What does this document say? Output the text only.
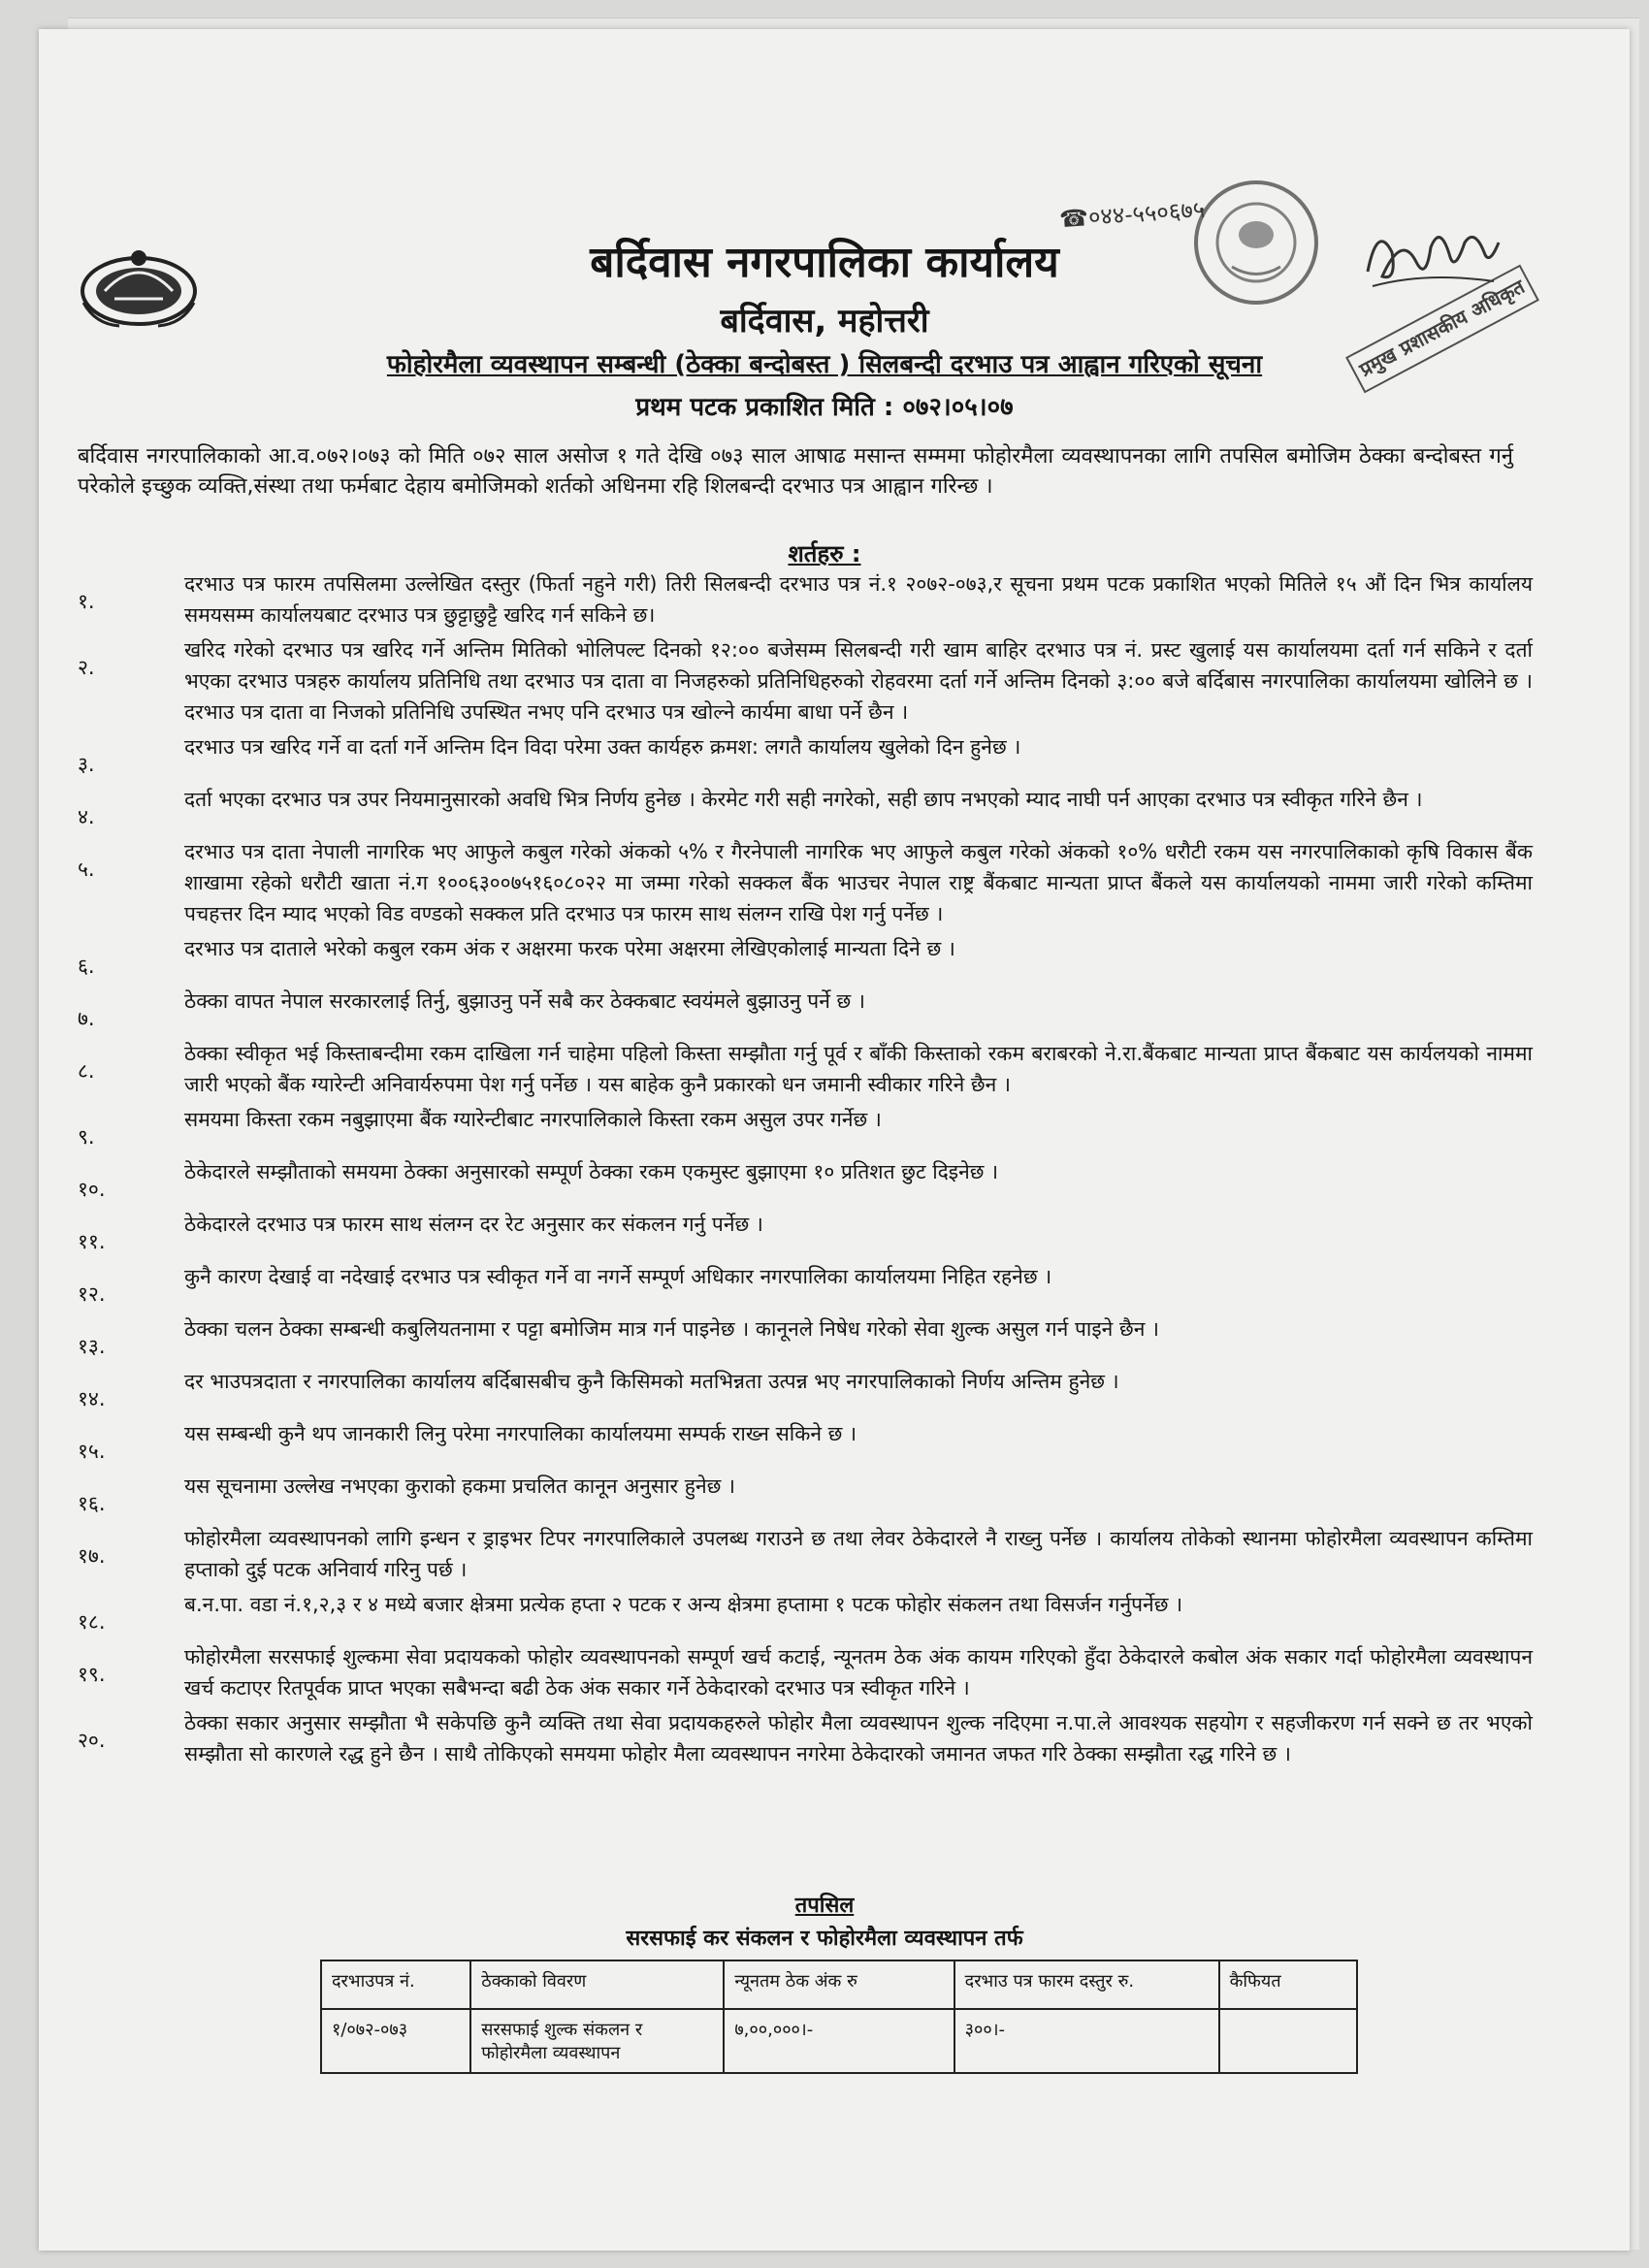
☎०४४-५५०६७५
प्रमुख प्रशासकीय अधिकृत
बर्दिवास नगरपालिका कार्यालय
बर्दिवास, महोत्तरी
फोहोरमैला व्यवस्थापन सम्बन्धी (ठेक्का बन्दोबस्त ) सिलबन्दी दरभाउ पत्र आह्वान गरिएको सूचना
प्रथम पटक प्रकाशित मिति : ०७२।०५।०७
बर्दिवास नगरपालिकाको आ.व.०७२।०७३ को मिति ०७२ साल असोज १ गते देखि ०७३ साल आषाढ मसान्त सम्ममा फोहोरमैला व्यवस्थापनका लागि तपसिल बमोजिम ठेक्का बन्दोबस्त गर्नु परेकोले इच्छुक व्यक्ति,संस्था तथा फर्मबाट देहाय बमोजिमको शर्तको अधिनमा रहि शिलबन्दी दरभाउ पत्र आह्वान गरिन्छ ।
शर्तहरु :
१.
दरभाउ पत्र फारम तपसिलमा उल्लेखित दस्तुर (फिर्ता नहुने गरी) तिरी सिलबन्दी दरभाउ पत्र नं.१ २०७२-०७३,र सूचना प्रथम पटक प्रकाशित भएको मितिले १५ औं दिन भित्र कार्यालय समयसम्म कार्यालयबाट दरभाउ पत्र छुट्टाछुट्टै खरिद गर्न सकिने छ।
२.
खरिद गरेको दरभाउ पत्र खरिद गर्ने अन्तिम मितिको भोलिपल्ट दिनको १२:०० बजेसम्म सिलबन्दी गरी खाम बाहिर दरभाउ पत्र नं. प्रस्ट खुलाई यस कार्यालयमा दर्ता गर्न सकिने र दर्ता भएका दरभाउ पत्रहरु कार्यालय प्रतिनिधि तथा दरभाउ पत्र दाता वा निजहरुको प्रतिनिधिहरुको रोहवरमा दर्ता गर्ने अन्तिम दिनको ३:०० बजे बर्दिबास नगरपालिका कार्यालयमा खोलिने छ । दरभाउ पत्र दाता वा निजको प्रतिनिधि उपस्थित नभए पनि दरभाउ पत्र खोल्ने कार्यमा बाधा पर्ने छैन ।
३.
दरभाउ पत्र खरिद गर्ने वा दर्ता गर्ने अन्तिम दिन विदा परेमा उक्त कार्यहरु क्रमश: लगतै कार्यालय खुलेको दिन हुनेछ ।
४.
दर्ता भएका दरभाउ पत्र उपर नियमानुसारको अवधि भित्र निर्णय हुनेछ । केरमेट गरी सही नगरेको, सही छाप नभएको म्याद नाघी पर्न आएका दरभाउ पत्र स्वीकृत गरिने छैन ।
५.
दरभाउ पत्र दाता नेपाली नागरिक भए आफुले कबुल गरेको अंकको ५% र गैरनेपाली नागरिक भए आफुले कबुल गरेको अंकको १०% धरौटी रकम यस नगरपालिकाको कृषि विकास बैंक शाखामा रहेको धरौटी खाता नं.ग १००६३००७५१६०८०२२ मा जम्मा गरेको सक्कल बैंक भाउचर नेपाल राष्ट्र बैंकबाट मान्यता प्राप्त बैंकले यस कार्यालयको नाममा जारी गरेको कम्तिमा पचहत्तर दिन म्याद भएको विड वण्डको सक्कल प्रति दरभाउ पत्र फारम साथ संलग्न राखि पेश गर्नु पर्नेछ ।
६.
दरभाउ पत्र दाताले भरेको कबुल रकम अंक र अक्षरमा फरक परेमा अक्षरमा लेखिएकोलाई मान्यता दिने छ ।
७.
ठेक्का वापत नेपाल सरकारलाई तिर्नु, बुझाउनु पर्ने सबै कर ठेक्कबाट स्वयंमले बुझाउनु पर्ने छ ।
८.
ठेक्का स्वीकृत भई किस्ताबन्दीमा रकम दाखिला गर्न चाहेमा पहिलो किस्ता सम्झौता गर्नु पूर्व र बाँकी किस्ताको रकम बराबरको ने.रा.बैंकबाट मान्यता प्राप्त बैंकबाट यस कार्यलयको नाममा जारी भएको बैंक ग्यारेन्टी अनिवार्यरुपमा पेश गर्नु पर्नेछ । यस बाहेक कुनै प्रकारको धन जमानी स्वीकार गरिने छैन ।
९.
समयमा किस्ता रकम नबुझाएमा बैंक ग्यारेन्टीबाट नगरपालिकाले किस्ता रकम असुल उपर गर्नेछ ।
१०.
ठेकेदारले सम्झौताको समयमा ठेक्का अनुसारको सम्पूर्ण ठेक्का रकम एकमुस्ट बुझाएमा १० प्रतिशत छुट दिइनेछ ।
११.
ठेकेदारले दरभाउ पत्र फारम साथ संलग्न दर रेट अनुसार कर संकलन गर्नु पर्नेछ ।
१२.
कुनै कारण देखाई वा नदेखाई दरभाउ पत्र स्वीकृत गर्ने वा नगर्ने सम्पूर्ण अधिकार नगरपालिका कार्यालयमा निहित रहनेछ ।
१३.
ठेक्का चलन ठेक्का सम्बन्धी कबुलियतनामा र पट्टा बमोजिम मात्र गर्न पाइनेछ । कानूनले निषेध गरेको सेवा शुल्क असुल गर्न पाइने छैन ।
१४.
दर भाउपत्रदाता र नगरपालिका कार्यालय बर्दिबासबीच कुनै किसिमको मतभिन्नता उत्पन्न भए नगरपालिकाको निर्णय अन्तिम हुनेछ ।
१५.
यस सम्बन्धी कुनै थप जानकारी लिनु परेमा नगरपालिका कार्यालयमा सम्पर्क राख्न सकिने छ ।
१६.
यस सूचनामा उल्लेख नभएका कुराको हकमा प्रचलित कानून अनुसार हुनेछ ।
१७.
फोहोरमैला व्यवस्थापनको लागि इन्धन र ड्राइभर टिपर नगरपालिकाले उपलब्ध गराउने छ तथा लेवर ठेकेदारले नै राख्नु पर्नेछ । कार्यालय तोकेको स्थानमा फोहोरमैला व्यवस्थापन कम्तिमा हप्ताको दुई पटक अनिवार्य गरिनु पर्छ ।
१८.
ब.न.पा. वडा नं.१,२,३ र ४ मध्ये बजार क्षेत्रमा प्रत्येक हप्ता २ पटक र अन्य क्षेत्रमा हप्तामा १ पटक फोहोर संकलन तथा विसर्जन गर्नुपर्नेछ ।
१९.
फोहोरमैला सरसफाई शुल्कमा सेवा प्रदायकको फोहोर व्यवस्थापनको सम्पूर्ण खर्च कटाई, न्यूनतम ठेक अंक कायम गरिएको हुँदा ठेकेदारले कबोल अंक सकार गर्दा फोहोरमैला व्यवस्थापन खर्च कटाएर रितपूर्वक प्राप्त भएका सबैभन्दा बढी ठेक अंक सकार गर्ने ठेकेदारको दरभाउ पत्र स्वीकृत गरिने ।
२०.
ठेक्का सकार अनुसार सम्झौता भै सकेपछि कुनै व्यक्ति तथा सेवा प्रदायकहरुले फोहोर मैला व्यवस्थापन शुल्क नदिएमा न.पा.ले आवश्यक सहयोग र सहजीकरण गर्न सक्ने छ तर भएको सम्झौता सो कारणले रद्ध हुने छैन । साथै तोकिएको समयमा फोहोर मैला व्यवस्थापन नगरेमा ठेकेदारको जमानत जफत गरि ठेक्का सम्झौता रद्ध गरिने छ ।
तपसिल
सरसफाई कर संकलन र फोहोरमैला व्यवस्थापन तर्फ
दरभाउपत्र नं.	ठेक्काको विवरण	न्यूनतम ठेक अंक रु	दरभाउ पत्र फारम दस्तुर रु.	कैफियत
१/०७२-०७३	सरसफाई शुल्क संकलन र फोहोरमैला व्यवस्थापन	७,००,०००।-	३००।-	
